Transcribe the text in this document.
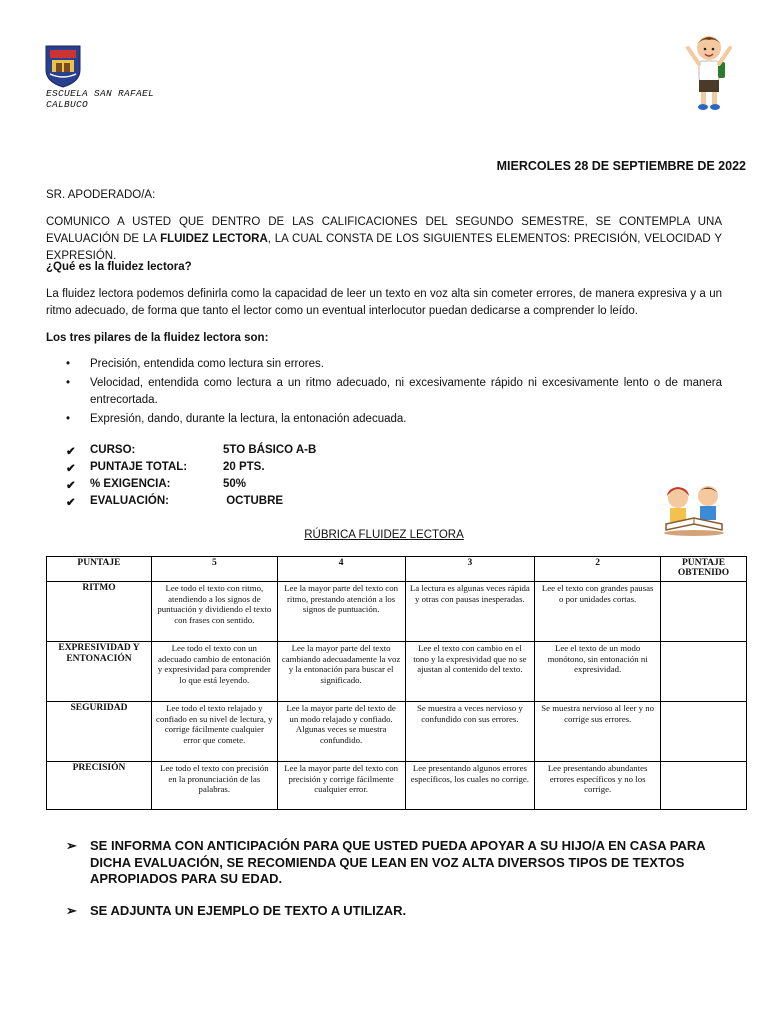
ESCUELA SAN RAFAEL
CALBUCO
MIERCOLES 28 DE SEPTIEMBRE DE 2022
SR. APODERADO/A:
COMUNICO A USTED QUE DENTRO DE LAS CALIFICACIONES DEL SEGUNDO SEMESTRE, SE CONTEMPLA UNA EVALUACIÓN DE LA FLUIDEZ LECTORA, LA CUAL CONSTA DE LOS SIGUIENTES ELEMENTOS: PRECISIÓN, VELOCIDAD Y EXPRESIÓN.
¿Qué es la fluidez lectora?
La fluidez lectora podemos definirla como la capacidad de leer un texto en voz alta sin cometer errores, de manera expresiva y a un ritmo adecuado, de forma que tanto el lector como un eventual interlocutor puedan dedicarse a comprender lo leído.
Los tres pilares de la fluidez lectora son:
• Precisión, entendida como lectura sin errores.
• Velocidad, entendida como lectura a un ritmo adecuado, ni excesivamente rápido ni excesivamente lento o de manera entrecortada.
• Expresión, dando, durante la lectura, la entonación adecuada.
✔ CURSO:	5TO BÁSICO A-B
✔ PUNTAJE TOTAL:	20 PTS.
✔ % EXIGENCIA:	50%
✔ EVALUACIÓN:	OCTUBRE
RÚBRICA FLUIDEZ LECTORA
PUNTAJE	5	4	3	2	PUNTAJE OBTENIDO
RITMO	Lee todo el texto con ritmo, atendiendo a los signos de puntuación y dividiendo el texto con frases con sentido.	Lee la mayor parte del texto con ritmo, prestando atención a los signos de puntuación.	La lectura es algunas veces rápida y otras con pausas inesperadas.	Lee el texto con grandes pausas o por unidades cortas.	
EXPRESIVIDAD Y ENTONACIÓN	Lee todo el texto con un adecuado cambio de entonación y expresividad para comprender lo que está leyendo.	Lee la mayor parte del texto cambiando adecuadamente la voz y la entonación para buscar el significado.	Lee el texto con cambio en el tono y la expresividad que no se ajustan al contenido del texto.	Lee el texto de un modo monótono, sin entonación ni expresividad.	
SEGURIDAD	Lee todo el texto relajado y confiado en su nivel de lectura, y corrige fácilmente cualquier error que comete.	Lee la mayor parte del texto de un modo relajado y confiado. Algunas veces se muestra confundido.	Se muestra a veces nervioso y confundido con sus errores.	Se muestra nervioso al leer y no corrige sus errores.	
PRECISIÓN	Lee todo el texto con precisión en la pronunciación de las palabras.	Lee la mayor parte del texto con precisión y corrige fácilmente cualquier error.	Lee presentando algunos errores específicos, los cuales no corrige.	Lee presentando abundantes errores específicos y no los corrige.	
➢ SE INFORMA CON ANTICIPACIÓN PARA QUE USTED PUEDA APOYAR A SU HIJO/A EN CASA PARA DICHA EVALUACIÓN, SE RECOMIENDA QUE LEAN EN VOZ ALTA DIVERSOS TIPOS DE TEXTOS APROPIADOS PARA SU EDAD.
➢ SE ADJUNTA UN EJEMPLO DE TEXTO A UTILIZAR.
